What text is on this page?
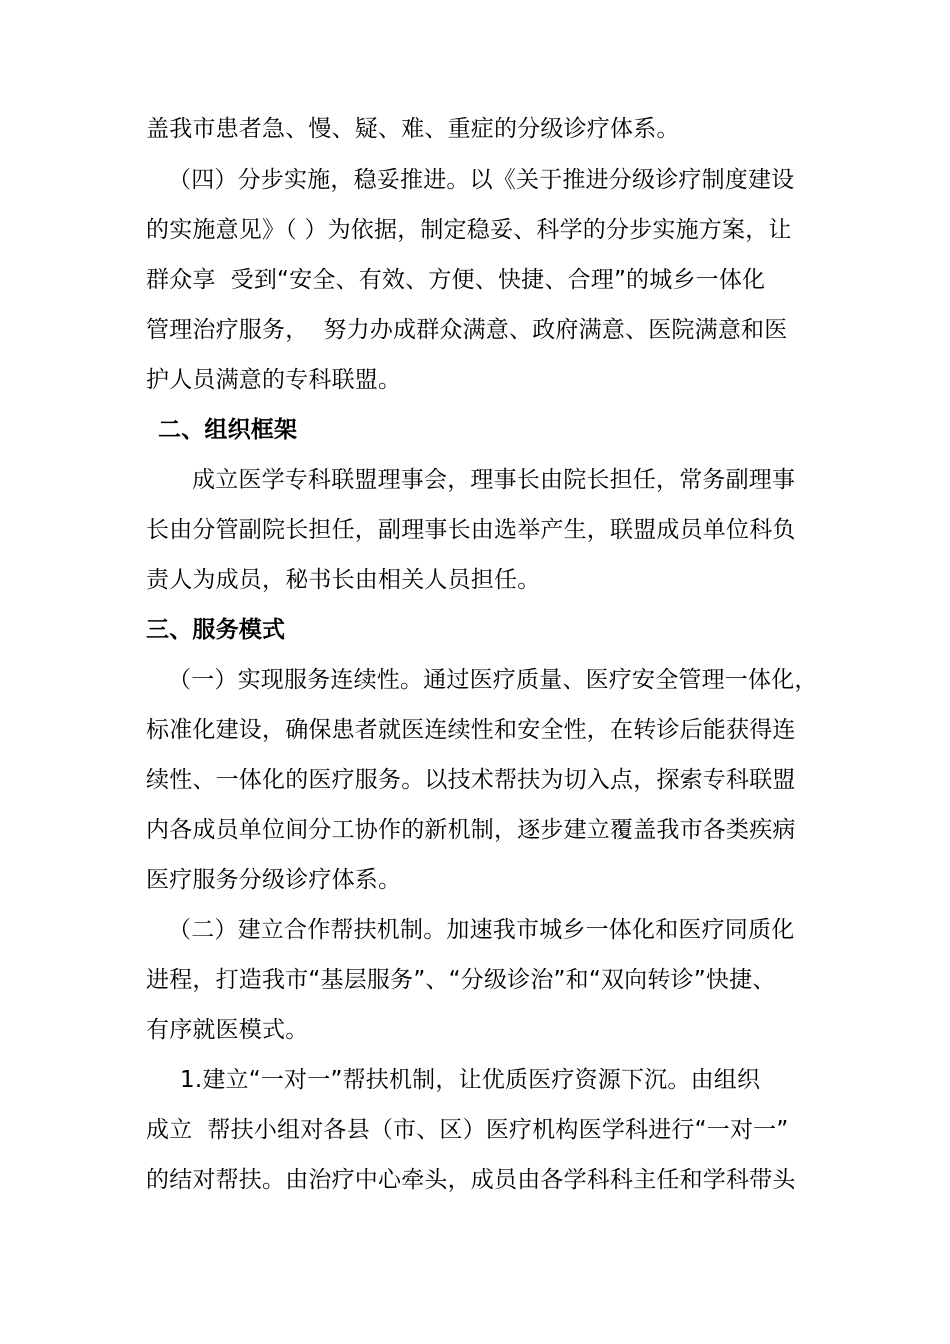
盖我市患者急、慢、疑、难、重症的分级诊疗体系。
（四）分步实施，稳妥推进。以《关于推进分级诊疗制度建设
的实施意见》（ ）为依据，制定稳妥、科学的分步实施方案，让
群众享  受到“安全、有效、方便、快捷、合理”的城乡一体化
管理治疗服务，  努力办成群众满意、政府满意、医院满意和医
护人员满意的专科联盟。
二、组织框架
成立医学专科联盟理事会，理事长由院长担任，常务副理事
长由分管副院长担任，副理事长由选举产生，联盟成员单位科负
责人为成员，秘书长由相关人员担任。
三、服务模式
（一）实现服务连续性。通过医疗质量、医疗安全管理一体化，
标准化建设，确保患者就医连续性和安全性，在转诊后能获得连
续性、一体化的医疗服务。以技术帮扶为切入点，探索专科联盟
内各成员单位间分工协作的新机制，逐步建立覆盖我市各类疾病
医疗服务分级诊疗体系。
（二）建立合作帮扶机制。加速我市城乡一体化和医疗同质化
进程，打造我市“基层服务”、“分级诊治”和“双向转诊”快捷、
有序就医模式。
1.建立“一对一”帮扶机制，让优质医疗资源下沉。由组织
成立  帮扶小组对各县（市、区）医疗机构医学科进行“一对一”
的结对帮扶。由治疗中心牵头，成员由各学科科主任和学科带头
